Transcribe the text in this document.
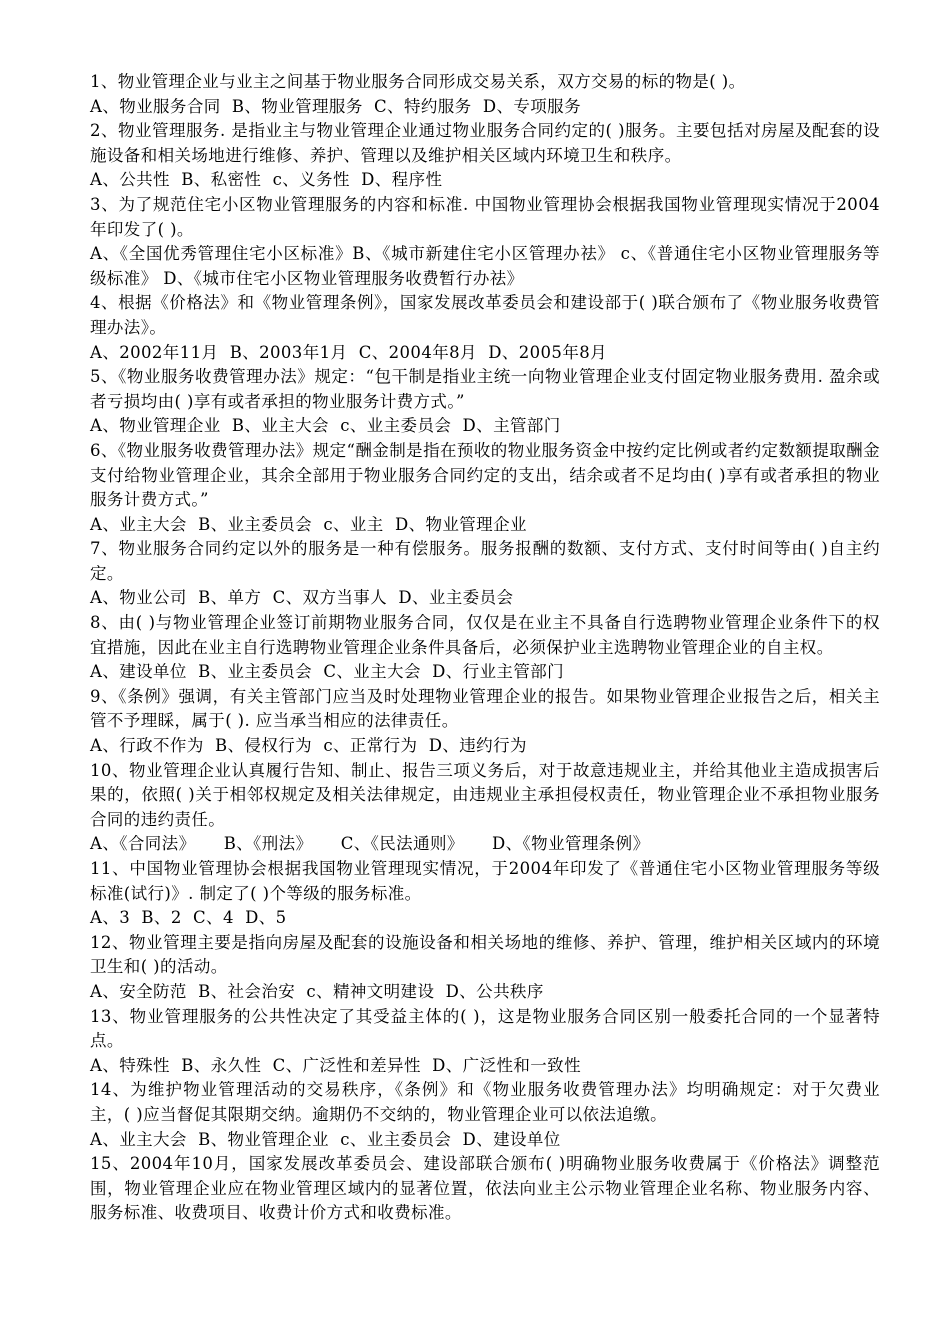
1、物业管理企业与业主之间基于物业服务合同形成交易关系，双方交易的标的物是( )。

A、物业服务合同  B、物业管理服务  C、特约服务  D、专项服务

2、物业管理服务. 是指业主与物业管理企业通过物业服务合同约定的( )服务。主要包括对房屋及配套的设施设备和相关场地进行维修、养护、管理以及维护相关区域内环境卫生和秩序。

A、公共性  B、私密性  c、义务性  D、程序性

3、为了规范住宅小区物业管理服务的内容和标准. 中国物业管理协会根据我国物业管理现实情况于2004年印发了( )。

A、《全国优秀管理住宅小区标准》B、《城市新建住宅小区管理办祛》 c、《普通住宅小区物业管理服务等级标准》 D、《城市住宅小区物业管理服务收费暂行办祛》

4、根据《价格法》和《物业管理条例》，国家发展改革委员会和建设部于( )联合颁布了《物业服务收费管理办法》。

A、2002年11月  B、2003年1月  C、2004年8月  D、2005年8月

5、《物业服务收费管理办法》规定：“包干制是指业主统一向物业管理企业支付固定物业服务费用. 盈余或者亏损均由( )享有或者承担的物业服务计费方式。”

A、物业管理企业  B、业主大会  c、业主委员会  D、主管部门

6、《物业服务收费管理办法》规定“酬金制是指在预收的物业服务资金中按约定比例或者约定数额提取酬金支付给物业管理企业，其余全部用于物业服务合同约定的支出，结余或者不足均由( )享有或者承担的物业服务计费方式。”

A、业主大会  B、业主委员会  c、业主  D、物业管理企业

7、物业服务合同约定以外的服务是一种有偿服务。服务报酬的数额、支付方式、支付时间等由( )自主约定。

A、物业公司  B、单方  C、双方当事人  D、业主委员会

8、由( )与物业管理企业签订前期物业服务合同，仅仅是在业主不具备自行选聘物业管理企业条件下的权宜措施，因此在业主自行选聘物业管理企业条件具备后，必须保护业主选聘物业管理企业的自主权。

A、建设单位  B、业主委员会  C、业主大会  D、行业主管部门

9、《条例》强调，有关主管部门应当及时处理物业管理企业的报告。如果物业管理企业报告之后，相关主管不予理睬，属于( ). 应当承当相应的法律责任。

A、行政不作为  B、侵权行为  c、正常行为  D、违约行为

10、物业管理企业认真履行告知、制止、报告三项义务后，对于故意违规业主，并给其他业主造成损害后果的，依照( )关于相邻权规定及相关法律规定，由违规业主承担侵权责任，物业管理企业不承担物业服务合同的违约责任。

A、《合同法》     B、《刑法》     C、《民法通则》     D、《物业管理条例》

11、中国物业管理协会根据我国物业管理现实情况，于2004年印发了《普通住宅小区物业管理服务等级标准(试行)》. 制定了( )个等级的服务标准。

A、3  B、2  C、4  D、5

12、物业管理主要是指向房屋及配套的设施设备和相关场地的维修、养护、管理，维护相关区域内的环境卫生和( )的活动。

A、安全防范  B、社会治安  c、精神文明建设  D、公共秩序

13、物业管理服务的公共性决定了其受益主体的( )，这是物业服务合同区别一般委托合同的一个显著特点。

A、特殊性  B、永久性  C、广泛性和差异性  D、广泛性和一致性

14、为维护物业管理活动的交易秩序，《条例》和《物业服务收费管理办法》均明确规定：对于欠费业主，( )应当督促其限期交纳。逾期仍不交纳的，物业管理企业可以依法追缴。

A、业主大会  B、物业管理企业  c、业主委员会  D、建设单位

15、2004年10月，国家发展改革委员会、建设部联合颁布( )明确物业服务收费属于《价格法》调整范围，物业管理企业应在物业管理区域内的显著位置，依法向业主公示物业管理企业名称、物业服务内容、服务标准、收费项目、收费计价方式和收费标准。
